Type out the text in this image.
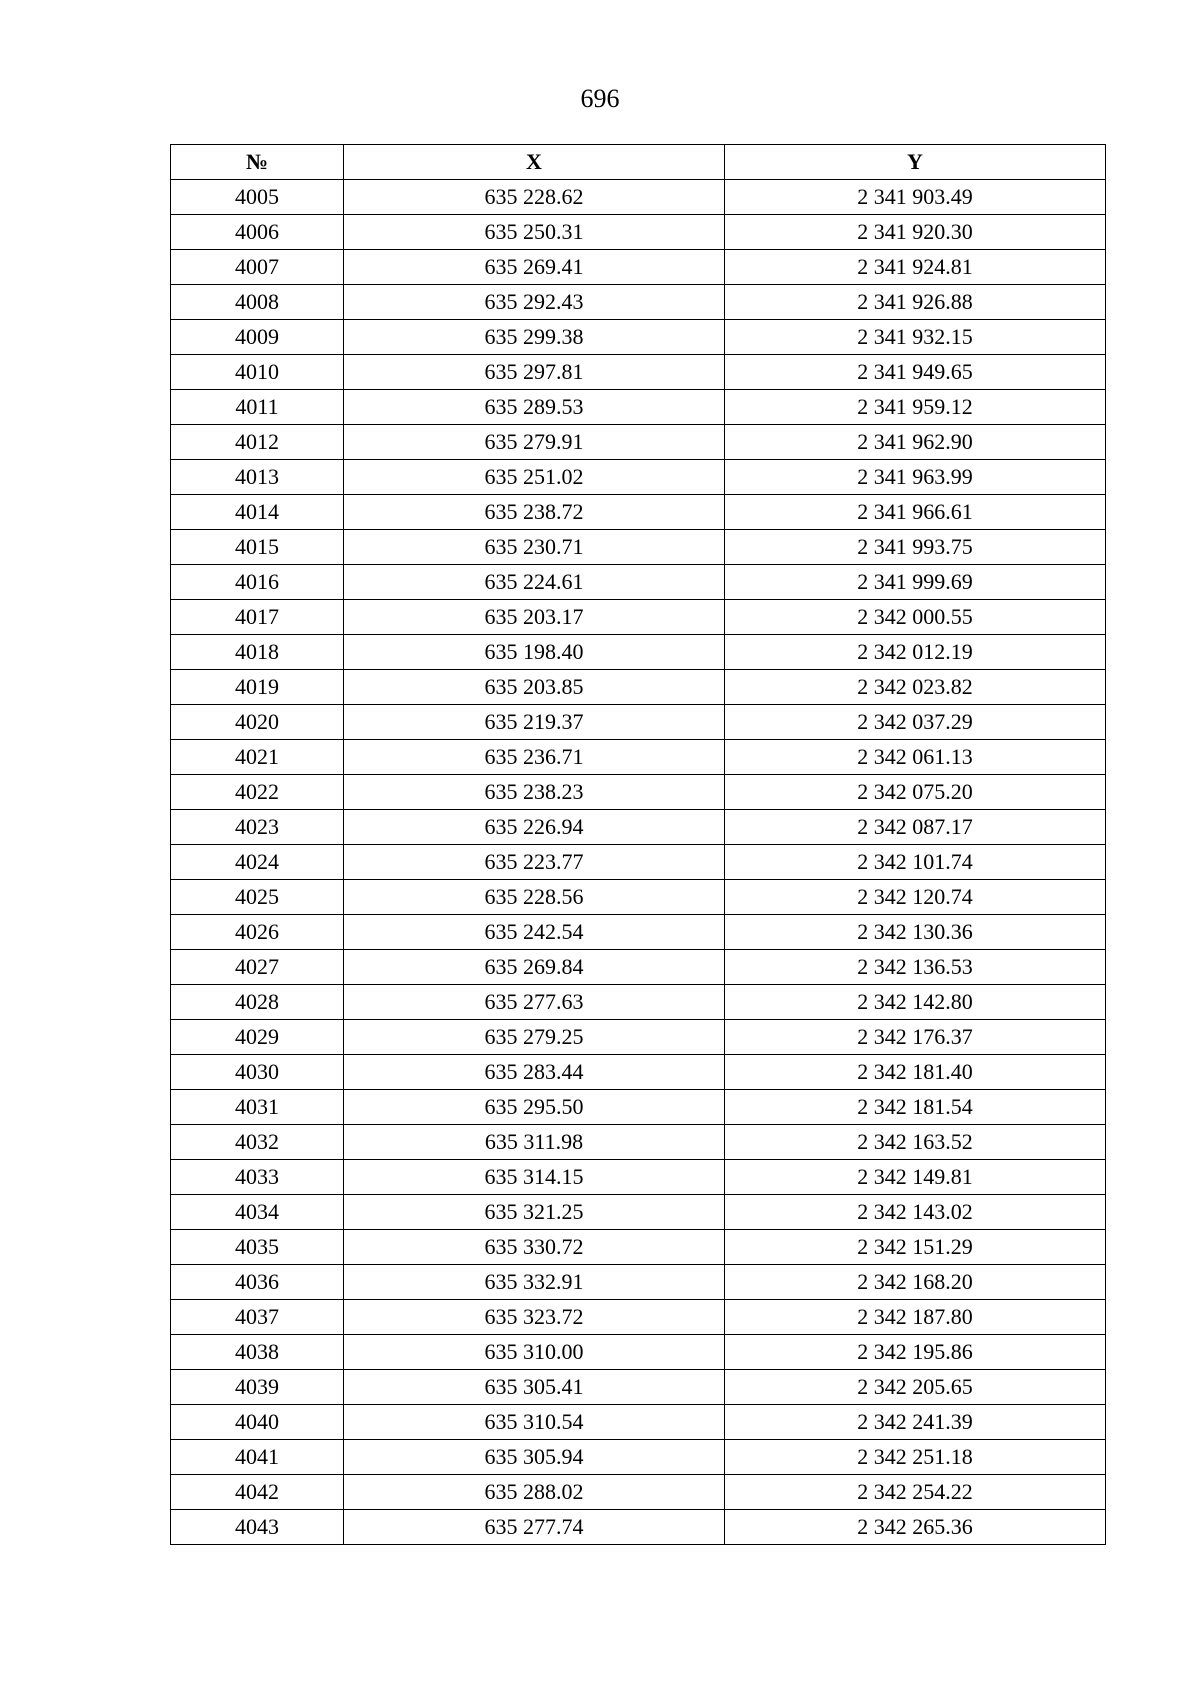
696
№	X	Y
4005	635 228.62	2 341 903.49
4006	635 250.31	2 341 920.30
4007	635 269.41	2 341 924.81
4008	635 292.43	2 341 926.88
4009	635 299.38	2 341 932.15
4010	635 297.81	2 341 949.65
4011	635 289.53	2 341 959.12
4012	635 279.91	2 341 962.90
4013	635 251.02	2 341 963.99
4014	635 238.72	2 341 966.61
4015	635 230.71	2 341 993.75
4016	635 224.61	2 341 999.69
4017	635 203.17	2 342 000.55
4018	635 198.40	2 342 012.19
4019	635 203.85	2 342 023.82
4020	635 219.37	2 342 037.29
4021	635 236.71	2 342 061.13
4022	635 238.23	2 342 075.20
4023	635 226.94	2 342 087.17
4024	635 223.77	2 342 101.74
4025	635 228.56	2 342 120.74
4026	635 242.54	2 342 130.36
4027	635 269.84	2 342 136.53
4028	635 277.63	2 342 142.80
4029	635 279.25	2 342 176.37
4030	635 283.44	2 342 181.40
4031	635 295.50	2 342 181.54
4032	635 311.98	2 342 163.52
4033	635 314.15	2 342 149.81
4034	635 321.25	2 342 143.02
4035	635 330.72	2 342 151.29
4036	635 332.91	2 342 168.20
4037	635 323.72	2 342 187.80
4038	635 310.00	2 342 195.86
4039	635 305.41	2 342 205.65
4040	635 310.54	2 342 241.39
4041	635 305.94	2 342 251.18
4042	635 288.02	2 342 254.22
4043	635 277.74	2 342 265.36
